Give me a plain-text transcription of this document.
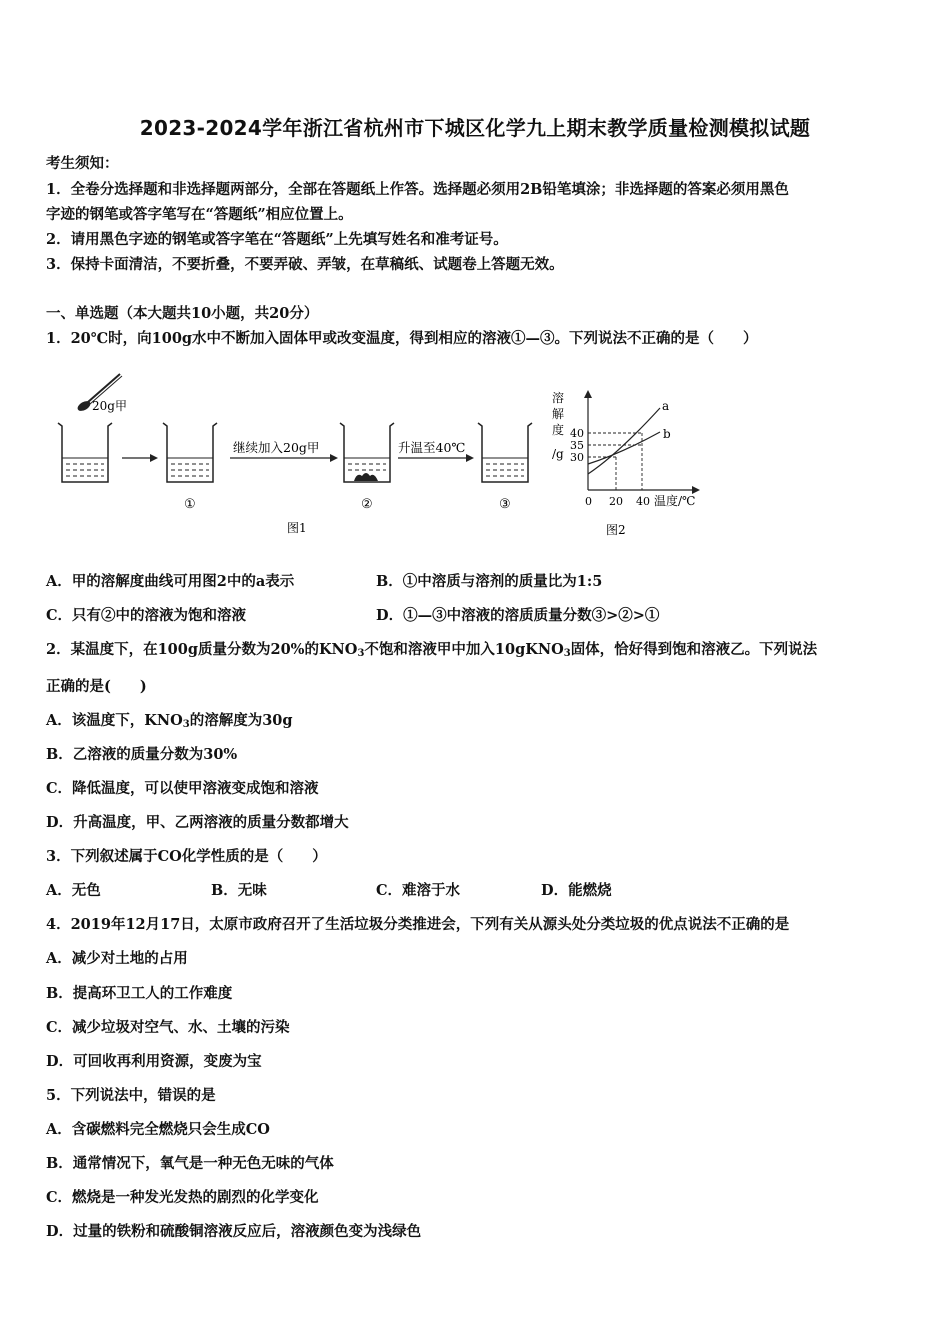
2023-2024学年浙江省杭州市下城区化学九上期末教学质量检测模拟试题
考生须知：
1．全卷分选择题和非选择题两部分，全部在答题纸上作答。选择题必须用2B铅笔填涂；非选择题的答案必须用黑色
字迹的钢笔或答字笔写在“答题纸”相应位置上。
2．请用黑色字迹的钢笔或答字笔在“答题纸”上先填写姓名和准考证号。
3．保持卡面清洁，不要折叠，不要弄破、弄皱，在草稿纸、试题卷上答题无效。
一、单选题（本大题共10小题，共20分）
1．20℃时，向100g水中不断加入固体甲或改变温度，得到相应的溶液①—③。下列说法不正确的是（　　）
20g甲
①
继续加入20g甲
②
升温至40℃
③
图1
溶
解
度
/g
a
b
40
35
30
0 20 40 温度/℃
图2
A．甲的溶解度曲线可用图2中的a表示	B．①中溶质与溶剂的质量比为1:5
C．只有②中的溶液为饱和溶液	D．①—③中溶液的溶质质量分数③>②>①
2．某温度下，在100g质量分数为20%的$KNO_3$不饱和溶液甲中加入10gKNO$_3$固体，恰好得到饱和溶液乙。下列说法
正确的是(　　)
A．该温度下，$KNO_3$的溶解度为30g
B．乙溶液的质量分数为30%
C．降低温度，可以使甲溶液变成饱和溶液
D．升高温度，甲、乙两溶液的质量分数都增大
3．下列叙述属于CO化学性质的是（　　）
A．无色	B．无味	C．难溶于水	D．能燃烧
4．2019年12月17日，太原市政府召开了生活垃圾分类推进会，下列有关从源头处分类垃圾的优点说法不正确的是
A．减少对土地的占用
B．提高环卫工人的工作难度
C．减少垃圾对空气、水、土壤的污染
D．可回收再利用资源，变废为宝
5．下列说法中，错误的是
A．含碳燃料完全燃烧只会生成CO
B．通常情况下，氧气是一种无色无味的气体
C．燃烧是一种发光发热的剧烈的化学变化
D．过量的铁粉和硫酸铜溶液反应后，溶液颜色变为浅绿色
